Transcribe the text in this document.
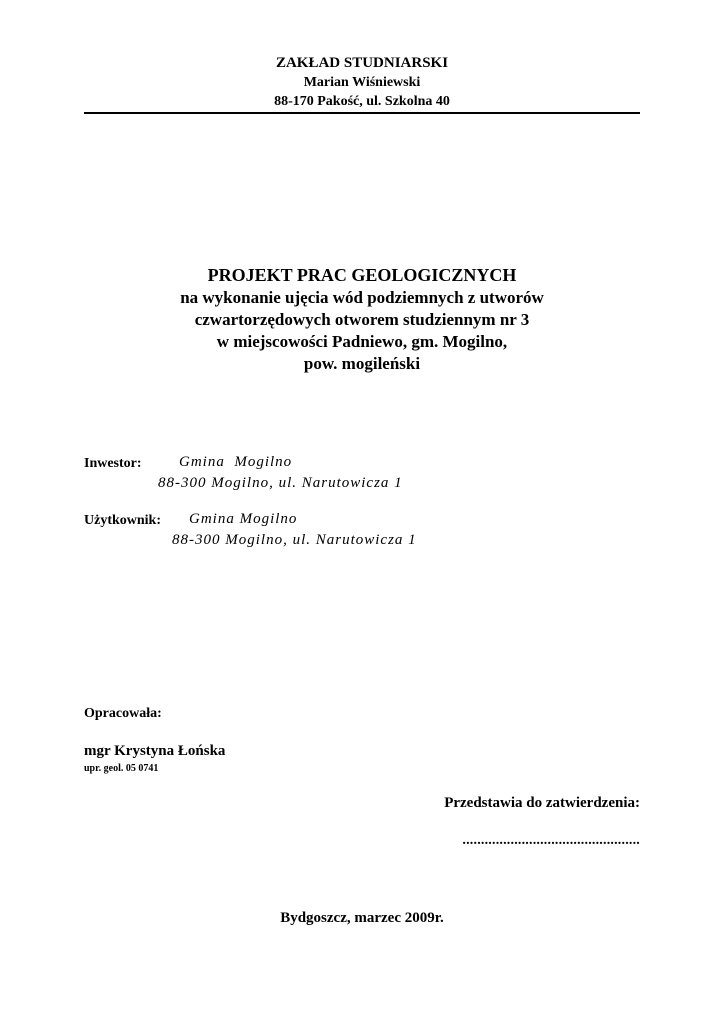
ZAKŁAD STUDNIARSKI
Marian Wiśniewski
88-170 Pakość, ul. Szkolna 40
PROJEKT PRAC GEOLOGICZNYCH
na wykonanie ujęcia wód podziemnych z utworów
czwartorzędowych otworem studziennym nr 3
w miejscowości Padniewo, gm. Mogilno,
pow. mogileński
Inwestor: Gmina  Mogilno
88-300 Mogilno, ul. Narutowicza 1
Użytkownik: Gmina Mogilno
88-300 Mogilno, ul. Narutowicza 1
Opracowała:
mgr Krystyna Łońska
upr. geol. 05 0741
Przedstawia do zatwierdzenia:
................................................
Bydgoszcz, marzec 2009r.
